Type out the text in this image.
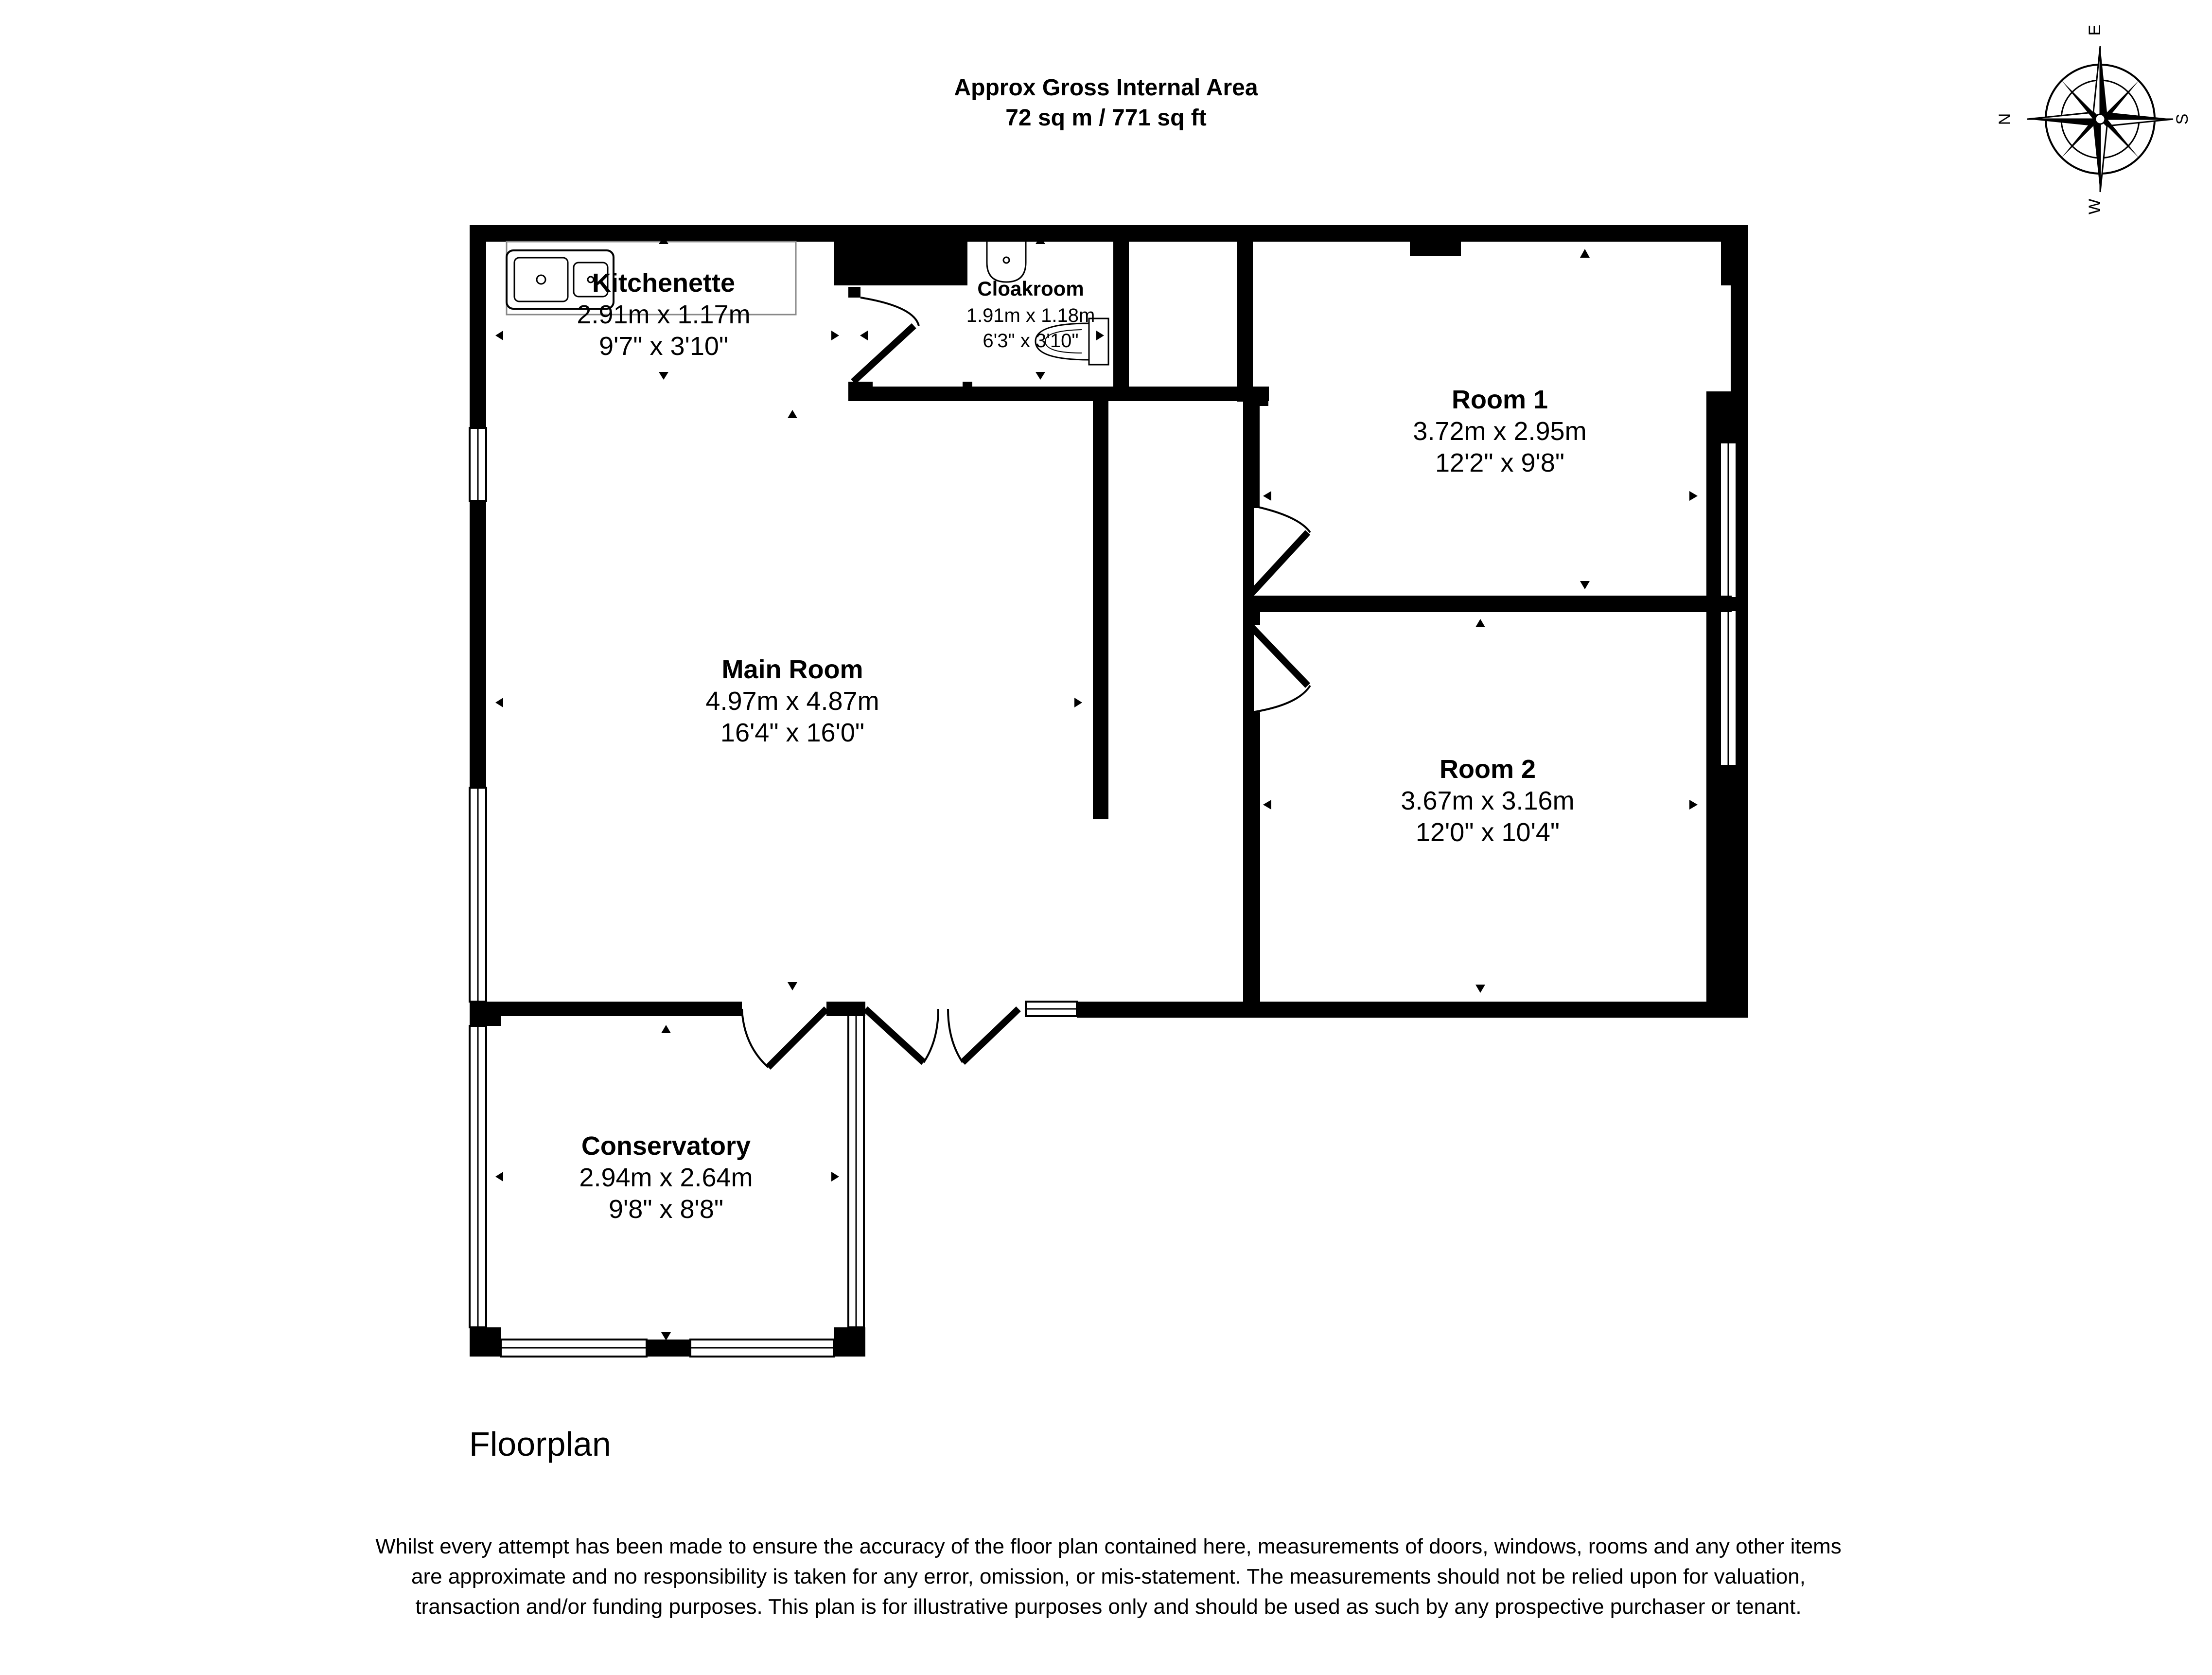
Approx Gross Internal Area
72 sq m / 771 sq ft	N
E
S
W
Kitchenette
2.91m x 1.17m
9'7" x 3'10"
Cloakroom
1.91m x 1.18m
6'3" x 3'10"
Room 1
3.72m x 2.95m
12'2" x 9'8"
Main Room
4.97m x 4.87m
16'4" x 16'0"
Room 2
3.67m x 3.16m
12'0" x 10'4"
Conservatory
2.94m x 2.64m
9'8" x 8'8"

Floorplan

Whilst every attempt has been made to ensure the accuracy of the floor plan contained here, measurements of doors, windows, rooms and any other items are approximate and no responsibility is taken for any error, omission, or mis-statement. The measurements should not be relied upon for valuation, transaction and/or funding purposes. This plan is for illustrative purposes only and should be used as such by any prospective purchaser or tenant.
